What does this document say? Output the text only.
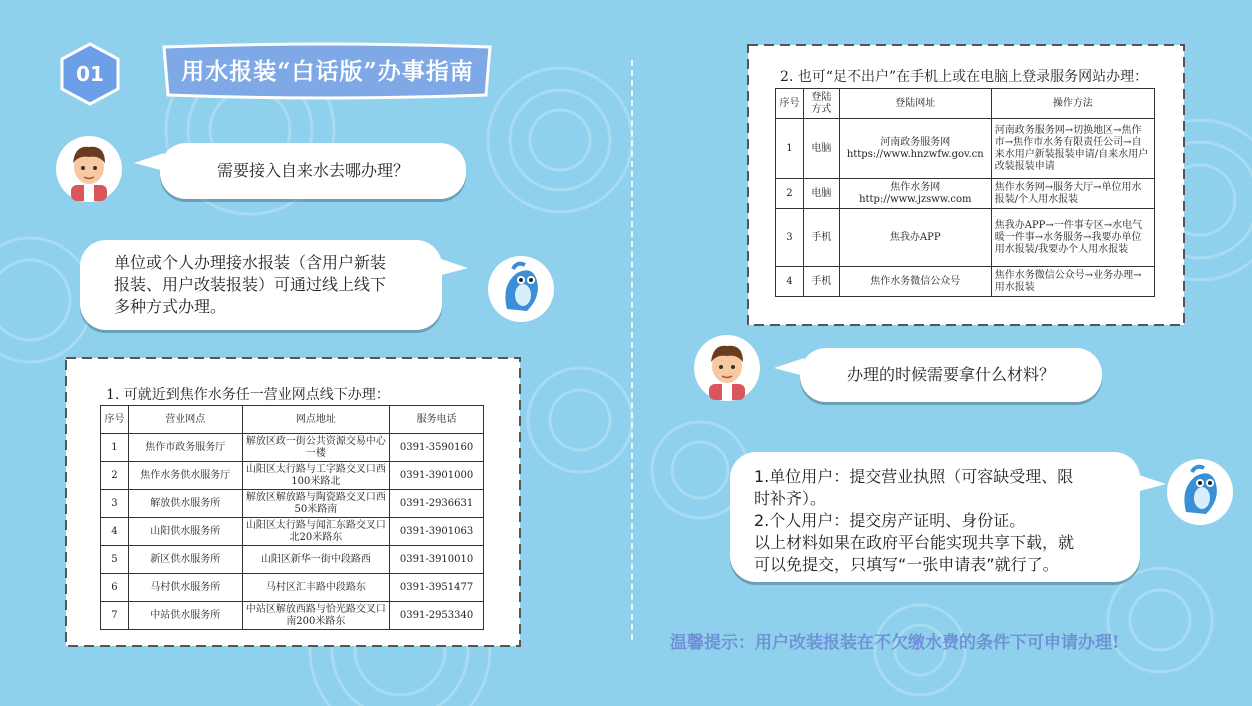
01	用水报装“白话版”办事指南
需要接入自来水去哪办理？
单位或个人办理接水报装（含用户新装
报装、用户改装报装）可通过线上线下
多种方式办理。
1. 可就近到焦作水务任一营业网点线下办理：
序号	营业网点	网点地址	服务电话
1	焦作市政务服务厅	解放区政一街公共资源交易中心一楼	0391-3590160
2	焦作水务供水服务厅	山阳区太行路与工字路交叉口西100米路北	0391-3901000
3	解放供水服务所	解放区解放路与陶瓷路交叉口西50米路南	0391-2936631
4	山阳供水服务所	山阳区太行路与闻汇东路交叉口北20米路东	0391-3901063
5	新区供水服务所	山阳区新华一街中段路西	0391-3910010
6	马村供水服务所	马村区汇丰路中段路东	0391-3951477
7	中站供水服务所	中站区解放西路与恰光路交叉口南200米路东	0391-2953340
2. 也可“足不出户”在手机上或在电脑上登录服务网站办理：
序号	登陆方式	登陆网址	操作方法
1	电脑	河南政务服务网 https://www.hnzwfw.gov.cn	河南政务服务网→切换地区→焦作市→焦作市水务有限责任公司→自来水用户新装报装申请/自来水用户改装报装申请
2	电脑	焦作水务网 http://www.jzsww.com	焦作水务网→服务大厅→单位用水报装/个人用水报装
3	手机	焦我办APP	焦我办APP→一件事专区→水电气暖一件事→水务服务→我要办单位用水报装/我要办个人用水报装
4	手机	焦作水务微信公众号	焦作水务微信公众号→业务办理→用水报装
办理的时候需要拿什么材料？
1.单位用户：提交营业执照（可容缺受理、限
时补齐）。
2.个人用户：提交房产证明、身份证。
以上材料如果在政府平台能实现共享下载，就
可以免提交，只填写“一张申请表”就行了。
温馨提示：用户改装报装在不欠缴水费的条件下可申请办理!
